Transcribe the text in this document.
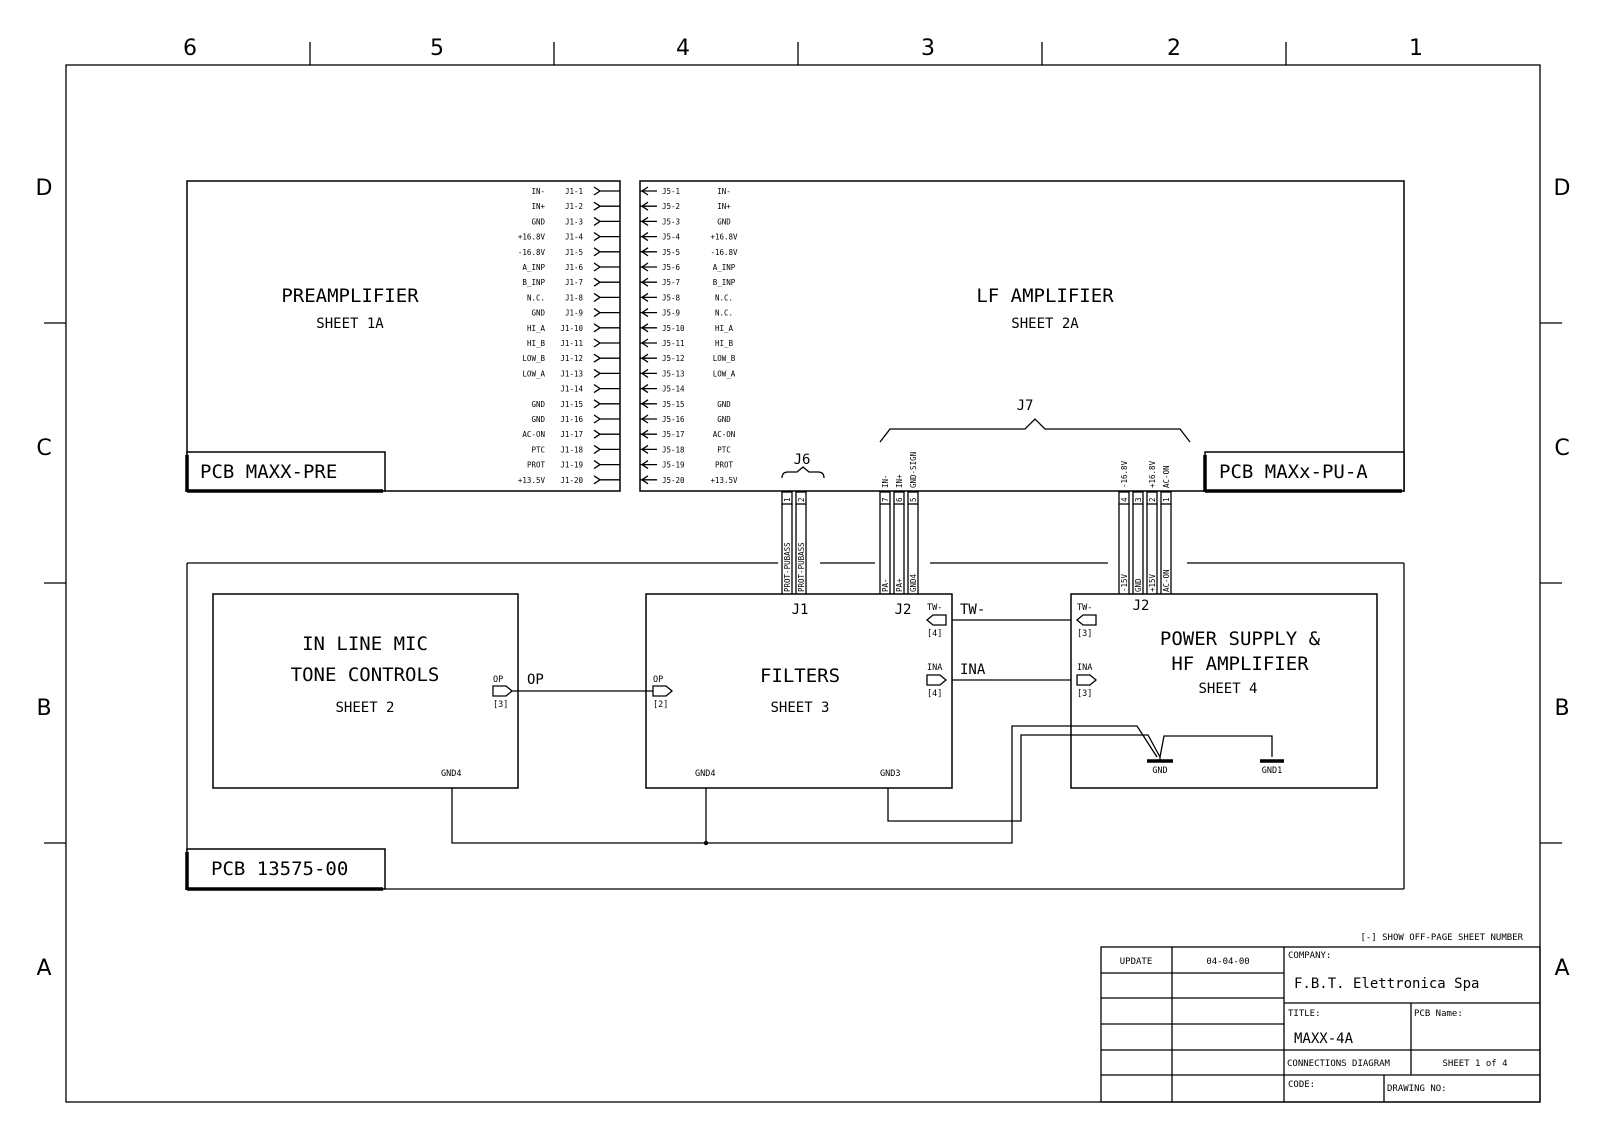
6	5	4	3	2	1
D
C
B
A
D
C
B
A
PREAMPLIFIER
SHEET 1A
PCB MAXX-PRE
IN-	J1-1
IN+	J1-2
GND	J1-3
+16.8V	J1-4
-16.8V	J1-5
A_INP	J1-6
B_INP	J1-7
N.C.	J1-8
GND	J1-9
HI_A J1-10
HI_B J1-11
LOW_B J1-12
LOW_A J1-13
J1-14
GND J1-15
GND J1-16
AC-ON J1-17
PTC J1-18
PROT J1-19
+13.5V J1-20
LF AMPLIFIER
SHEET 2A
PCB MAXx-PU-A
J5-1	IN-
J5-2	IN+
J5-3	GND
J5-4	+16.8V
J5-5	-16.8V
J5-6	A_INP
J5-7	B_INP
J5-8	N.C.
J5-9	N.C.
J5-10	HI_A
J5-11	HI_B
J5-12	LOW_B
J5-13	LOW_A
J5-14
J5-15	GND
J5-16	GND
J5-17	AC-ON
J5-18	PTC
J5-19	PROT
J5-20	+13.5V
J6
J7
1
PROT-PUBASS
2
PROT-PUBASS
7
IN-
PA-
6
IN+
PA+
5
GND-SIGN
GND4
4
-16.8V
-15V
3
GND
2
+16.8V
+15V
1
AC-ON
AC-ON
PCB 13575-00
IN LINE MIC
TONE CONTROLS
SHEET 2
OP
[3]
GND4
FILTERS
SHEET 3
J1	J2
OP
[2]
TW-
[4]
INA
[4]
GND4	GND3
POWER SUPPLY &
HF AMPLIFIER
SHEET 4
J2
TW-
[3]
INA
[3]
GND	GND1
OP
TW-
INA
[-] SHOW OFF-PAGE SHEET NUMBER
UPDATE	04-04-00
COMPANY:
F.B.T. Elettronica Spa
TITLE:
MAXX-4A
PCB Name:
CONNECTIONS DIAGRAM	SHEET 1 of 4
CODE:	DRAWING NO:
